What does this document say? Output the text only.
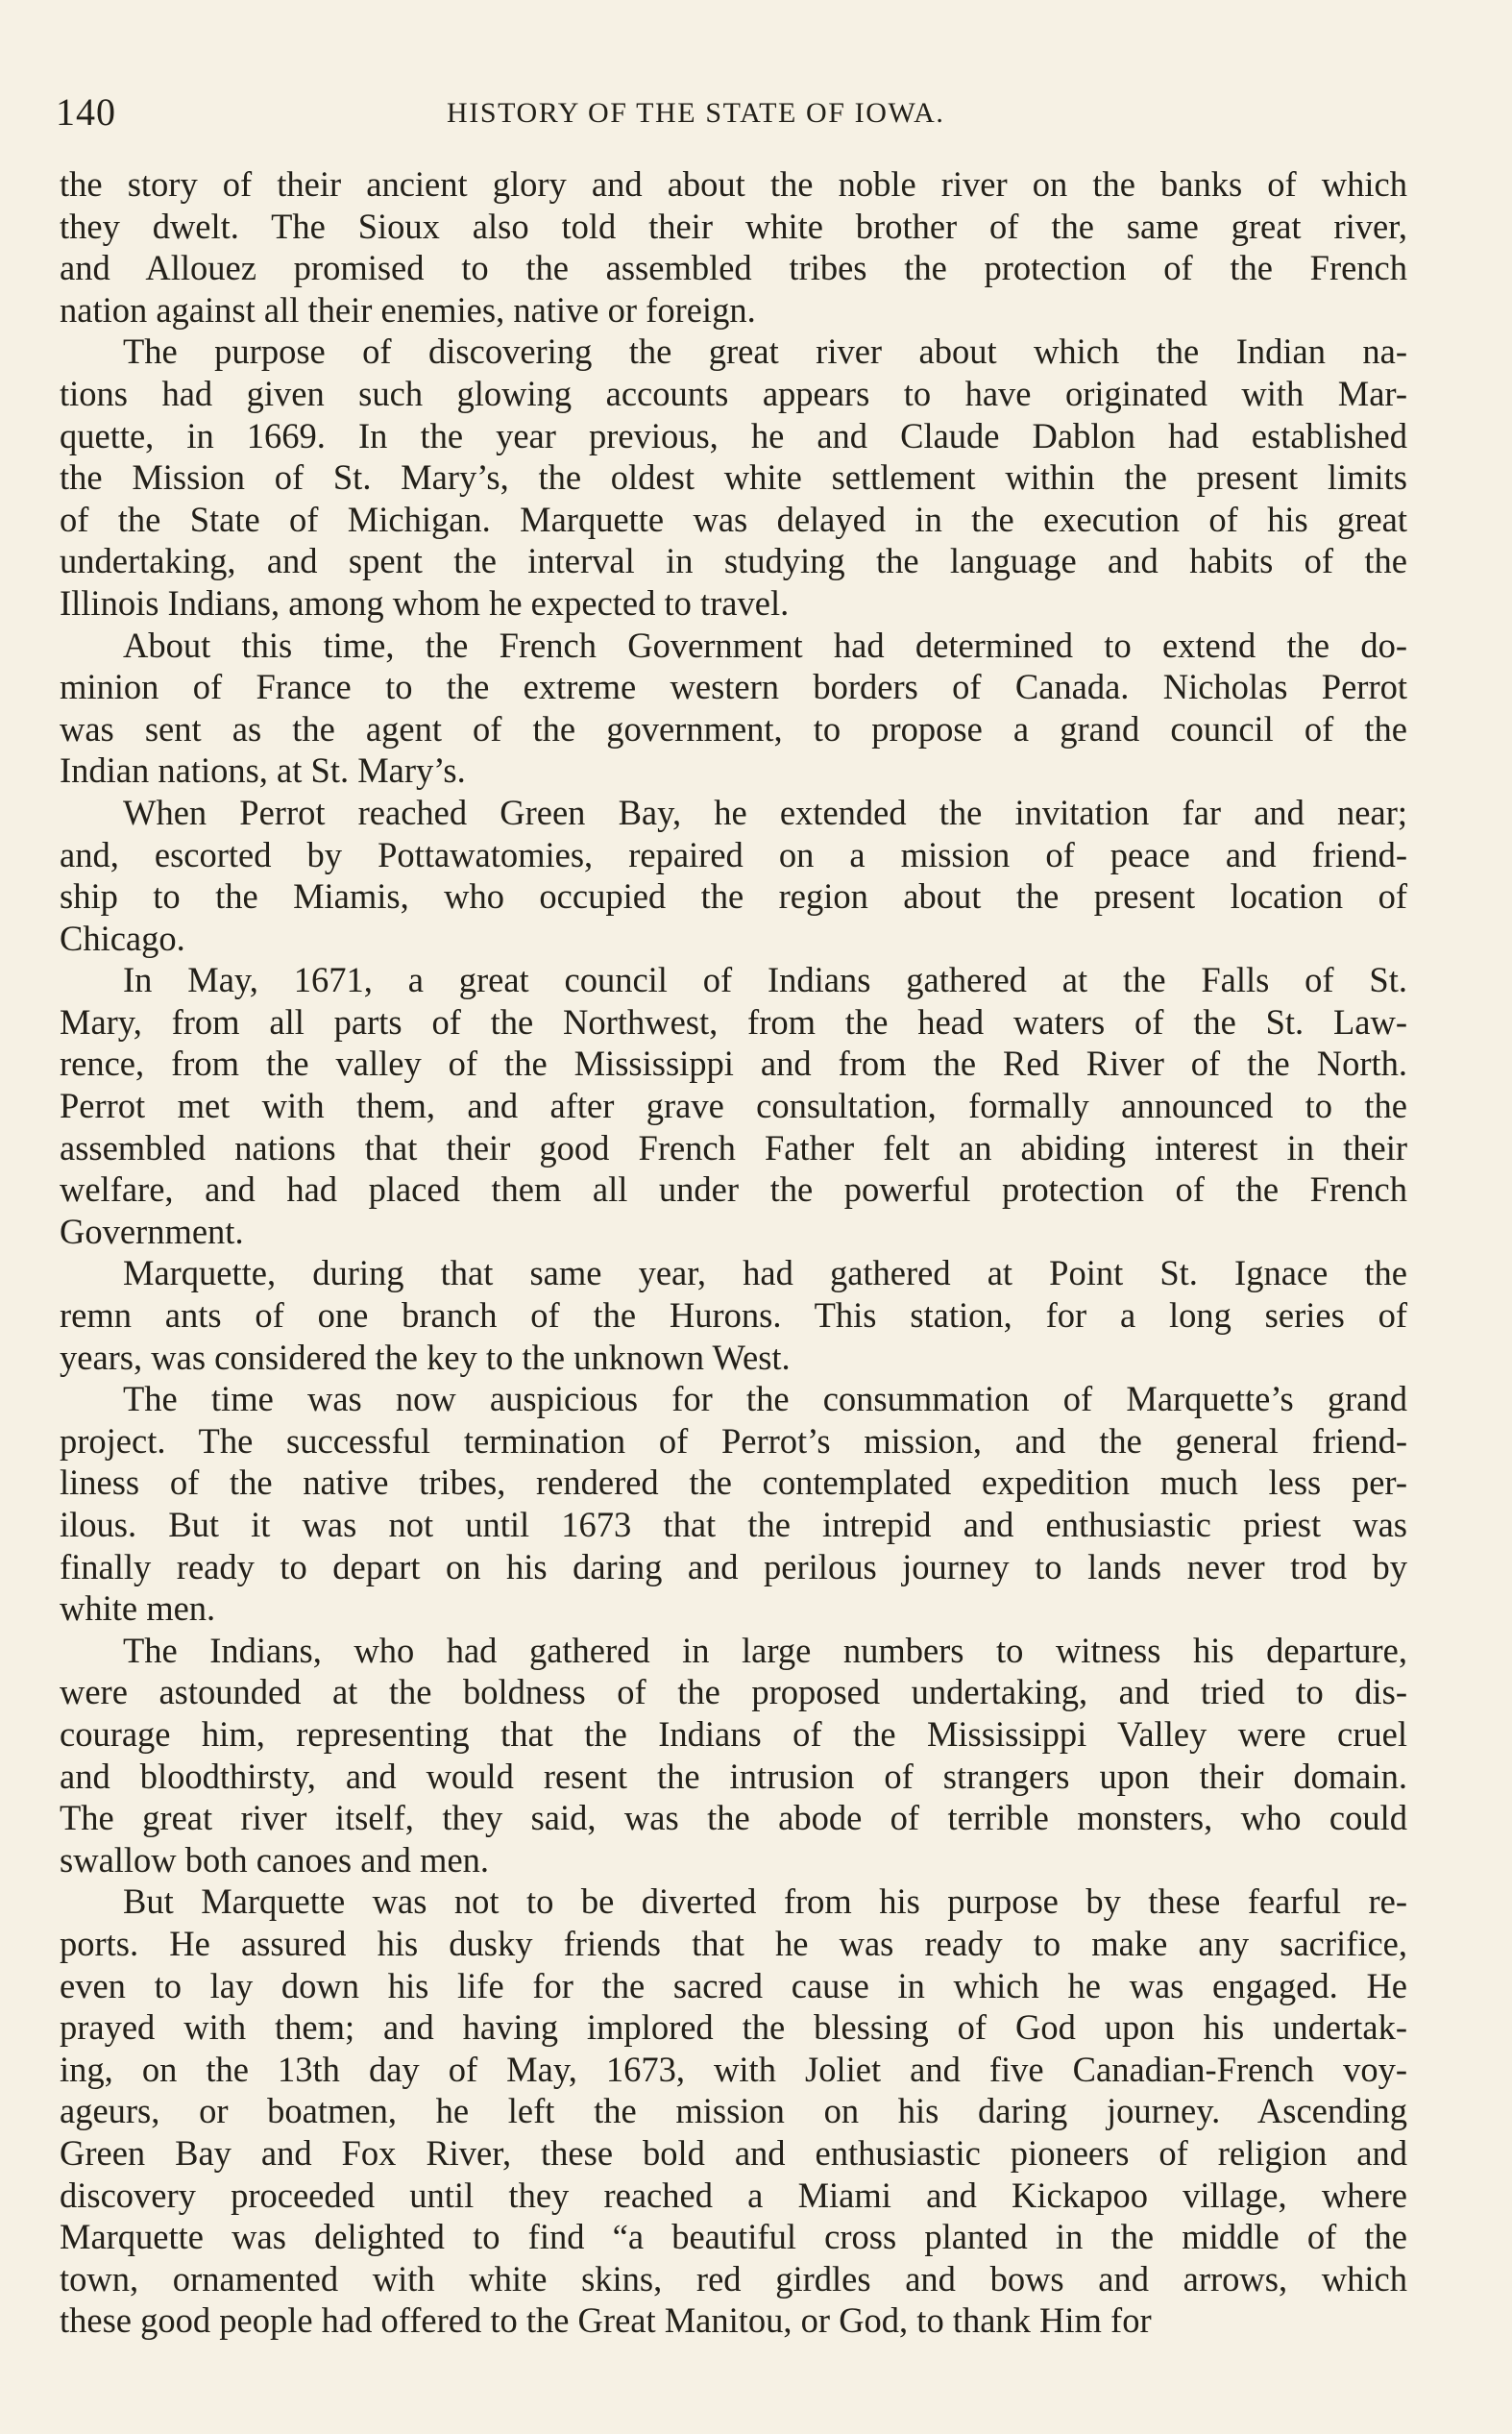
140	HISTORY OF THE STATE OF IOWA.
the story of their ancient glory and about the noble river on the banks of which
they dwelt. The Sioux also told their white brother of the same great river,
and Allouez promised to the assembled tribes the protection of the French
nation against all their enemies, native or foreign.
The purpose of discovering the great river about which the Indian na-
tions had given such glowing accounts appears to have originated with Mar-
quette, in 1669. In the year previous, he and Claude Dablon had established
the Mission of St. Mary’s, the oldest white settlement within the present limits
of the State of Michigan. Marquette was delayed in the execution of his great
undertaking, and spent the interval in studying the language and habits of the
Illinois Indians, among whom he expected to travel.
About this time, the French Government had determined to extend the do-
minion of France to the extreme western borders of Canada. Nicholas Perrot
was sent as the agent of the government, to propose a grand council of the
Indian nations, at St. Mary’s.
When Perrot reached Green Bay, he extended the invitation far and near;
and, escorted by Pottawatomies, repaired on a mission of peace and friend-
ship to the Miamis, who occupied the region about the present location of
Chicago.
In May, 1671, a great council of Indians gathered at the Falls of St.
Mary, from all parts of the Northwest, from the head waters of the St. Law-
rence, from the valley of the Mississippi and from the Red River of the North.
Perrot met with them, and after grave consultation, formally announced to the
assembled nations that their good French Father felt an abiding interest in their
welfare, and had placed them all under the powerful protection of the French
Government.
Marquette, during that same year, had gathered at Point St. Ignace the
remn ants of one branch of the Hurons. This station, for a long series of
years, was considered the key to the unknown West.
The time was now auspicious for the consummation of Marquette’s grand
project. The successful termination of Perrot’s mission, and the general friend-
liness of the native tribes, rendered the contemplated expedition much less per-
ilous. But it was not until 1673 that the intrepid and enthusiastic priest was
finally ready to depart on his daring and perilous journey to lands never trod by
white men.
The Indians, who had gathered in large numbers to witness his departure,
were astounded at the boldness of the proposed undertaking, and tried to dis-
courage him, representing that the Indians of the Mississippi Valley were cruel
and bloodthirsty, and would resent the intrusion of strangers upon their domain.
The great river itself, they said, was the abode of terrible monsters, who could
swallow both canoes and men.
But Marquette was not to be diverted from his purpose by these fearful re-
ports. He assured his dusky friends that he was ready to make any sacrifice,
even to lay down his life for the sacred cause in which he was engaged. He
prayed with them; and having implored the blessing of God upon his undertak-
ing, on the 13th day of May, 1673, with Joliet and five Canadian-French voy-
ageurs, or boatmen, he left the mission on his daring journey. Ascending
Green Bay and Fox River, these bold and enthusiastic pioneers of religion and
discovery proceeded until they reached a Miami and Kickapoo village, where
Marquette was delighted to find “a beautiful cross planted in the middle of the
town, ornamented with white skins, red girdles and bows and arrows, which
these good people had offered to the Great Manitou, or God, to thank Him for
